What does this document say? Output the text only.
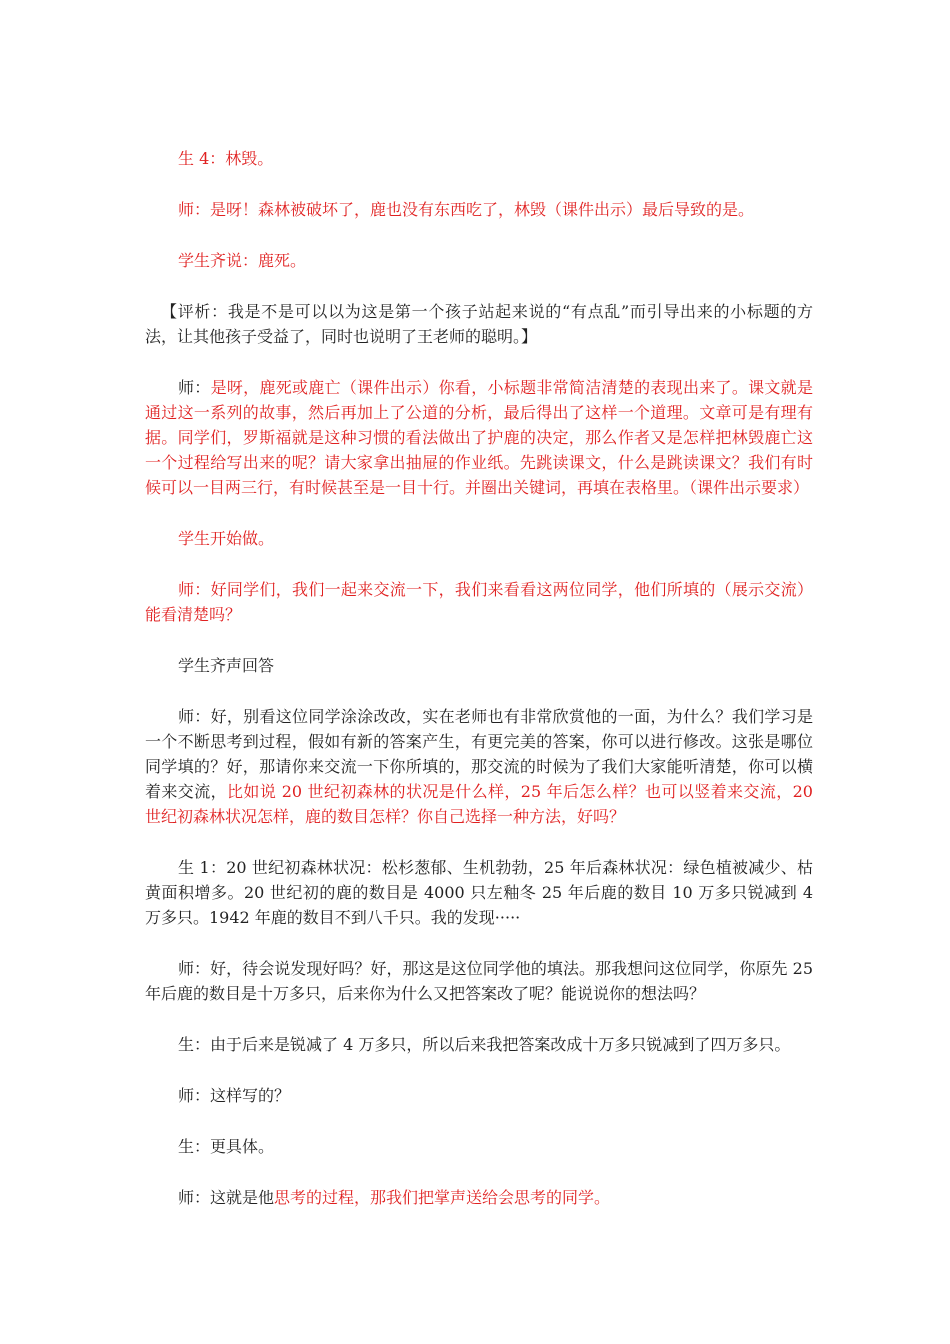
生 4：林毁。

师：是呀！森林被破坏了，鹿也没有东西吃了，林毁（课件出示）最后导致的是。

学生齐说：鹿死。

【评析：我是不是可以以为这是第一个孩子站起来说的“有点乱”而引导出来的小标题的方法，让其他孩子受益了，同时也说明了王老师的聪明。】

师：是呀，鹿死或鹿亡（课件出示）你看，小标题非常简洁清楚的表现出来了。课文就是通过这一系列的故事，然后再加上了公道的分析，最后得出了这样一个道理。文章可是有理有据。同学们，罗斯福就是这种习惯的看法做出了护鹿的决定，那么作者又是怎样把林毁鹿亡这一个过程给写出来的呢？请大家拿出抽屉的作业纸。先跳读课文，什么是跳读课文？我们有时候可以一目两三行，有时候甚至是一目十行。并圈出关键词，再填在表格里。（课件出示要求）

学生开始做。

师：好同学们，我们一起来交流一下，我们来看看这两位同学，他们所填的（展示交流）能看清楚吗？

学生齐声回答

师：好，别看这位同学涂涂改改，实在老师也有非常欣赏他的一面，为什么？我们学习是一个不断思考到过程，假如有新的答案产生，有更完美的答案，你可以进行修改。这张是哪位同学填的？好，那请你来交流一下你所填的，那交流的时候为了我们大家能听清楚，你可以横着来交流，比如说 20 世纪初森林的状况是什么样，25 年后怎么样？也可以竖着来交流，20 世纪初森林状况怎样，鹿的数目怎样？你自己选择一种方法，好吗？

生 1：20 世纪初森林状况：松杉葱郁、生机勃勃，25 年后森林状况：绿色植被减少、枯黄面积增多。20 世纪初的鹿的数目是 4000 只左釉冬 25 年后鹿的数目 10 万多只锐减到 4 万多只。1942 年鹿的数目不到八千只。我的发现·····

师：好，待会说发现好吗？好，那这是这位同学他的填法。那我想问这位同学，你原先 25 年后鹿的数目是十万多只，后来你为什么又把答案改了呢？能说说你的想法吗？

生：由于后来是锐减了 4 万多只，所以后来我把答案改成十万多只锐减到了四万多只。

师：这样写的？

生：更具体。

师：这就是他思考的过程，那我们把掌声送给会思考的同学。
